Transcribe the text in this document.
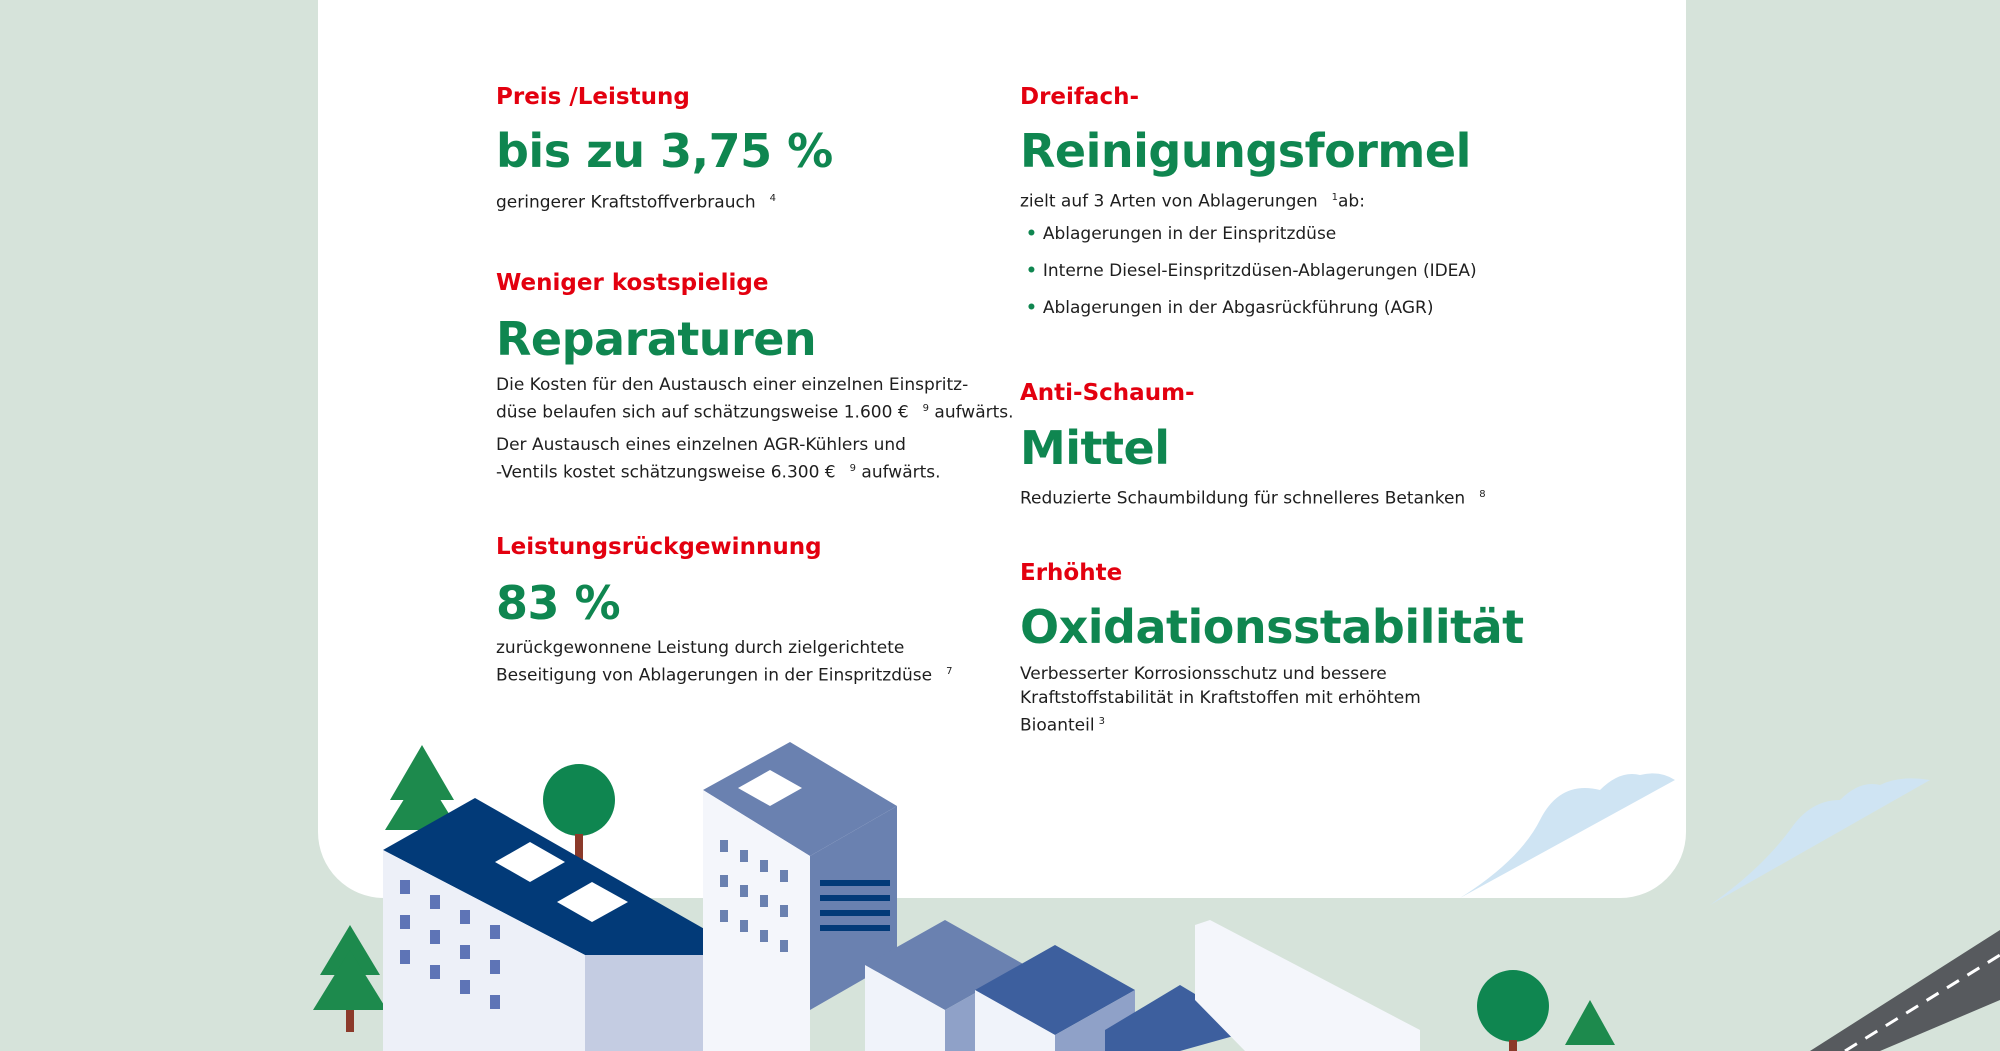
Preis /Leistung
bis zu 3,75 %
geringerer Kraftstoffverbrauch $^4$
Weniger kostspielige
Reparaturen
Die Kosten für den Austausch einer einzelnen Einspritz-
düse belaufen sich auf schätzungsweise 1.600 € $^9$ aufwärts.
Der Austausch eines einzelnen AGR-Kühlers und
-Ventils kostet schätzungsweise 6.300 € $^9$ aufwärts.
Leistungsrückgewinnung
83 %
zurückgewonnene Leistung durch zielgerichtete
Beseitigung von Ablagerungen in der Einspritzdüse $^7$
Dreifach-
Reinigungsformel
zielt auf 3 Arten von Ablagerungen $^1$ab:
• Ablagerungen in der Einspritzdüse
• Interne Diesel-Einspritzdüsen-Ablagerungen (IDEA)
• Ablagerungen in der Abgasrückführung (AGR)
Anti-Schaum-
Mittel
Reduzierte Schaumbildung für schnelleres Betanken $^8$
Erhöhte
Oxidationsstabilität
Verbesserter Korrosionsschutz und bessere
Kraftstoffstabilität in Kraftstoffen mit erhöhtem
Bioanteil $^3$
